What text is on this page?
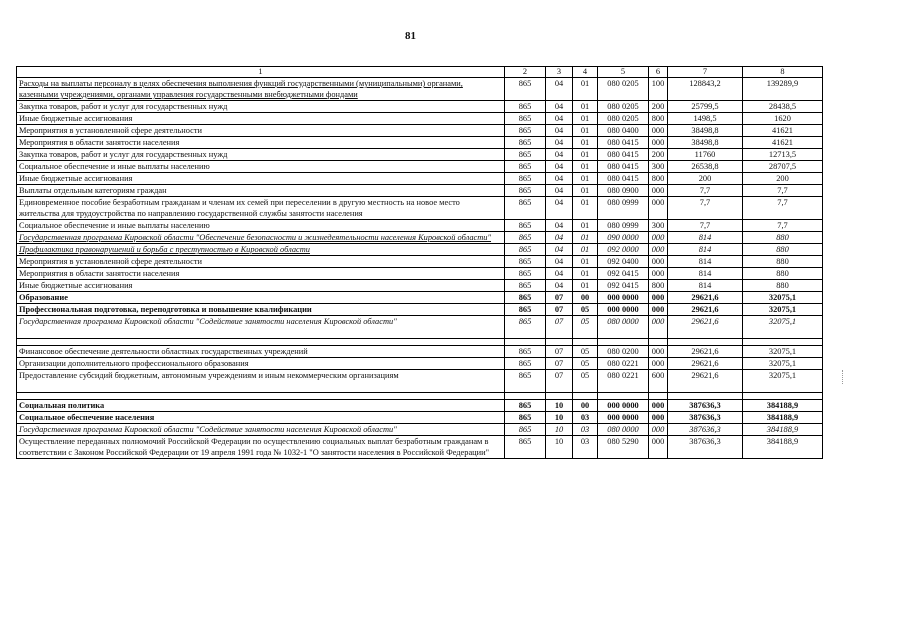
81
1	2	3	4	5	6	7	8
Расходы на выплаты персоналу в целях обеспечения выполнения функций государственными (муниципальными) органами, казенными учреждениями, органами управления государственными внебюджетными фондами	865	04	01	080 0205	100	128843,2	139289,9
Закупка товаров, работ и услуг для государственных нужд	865	04	01	080 0205	200	25799,5	28438,5
Иные бюджетные ассигнования	865	04	01	080 0205	800	1498,5	1620
Мероприятия в установленной сфере деятельности	865	04	01	080 0400	000	38498,8	41621
Мероприятия в области занятости населения	865	04	01	080 0415	000	38498,8	41621
Закупка товаров, работ и услуг для государственных нужд	865	04	01	080 0415	200	11760	12713,5
Социальное обеспечение и иные выплаты населению	865	04	01	080 0415	300	26538,8	28707,5
Иные бюджетные ассигнования	865	04	01	080 0415	800	200	200
Выплаты отдельным категориям граждан	865	04	01	080 0900	000	7,7	7,7
Единовременное пособие безработным гражданам и членам их семей при переселении в другую местность на новое место жительства для трудоустройства по направлению государственной службы занятости населения	865	04	01	080 0999	000	7,7	7,7
Социальное обеспечение и иные выплаты населению	865	04	01	080 0999	300	7,7	7,7
Государственная программа Кировской области "Обеспечение безопасности и жизнедеятельности населения Кировской области"	865	04	01	090 0000	000	814	880
Профилактика правонарушений и борьба с преступностью в Кировской области	865	04	01	092 0000	000	814	880
Мероприятия в установленной сфере деятельности	865	04	01	092 0400	000	814	880
Мероприятия в области занятости населения	865	04	01	092 0415	000	814	880
Иные бюджетные ассигнования	865	04	01	092 0415	800	814	880
Образование	865	07	00	000 0000	000	29621,6	32075,1
Профессиональная подготовка, переподготовка и повышение квалификации	865	07	05	000 0000	000	29621,6	32075,1
Государственная программа Кировской области "Содействие занятости населения Кировской области"	865	07	05	080 0000	000	29621,6	32075,1

Финансовое обеспечение деятельности областных государственных учреждений	865	07	05	080 0200	000	29621,6	32075,1
Организации дополнительного профессионального образования	865	07	05	080 0221	000	29621,6	32075,1
Предоставление субсидий бюджетным, автономным учреждениям и иным некоммерческим организациям	865	07	05	080 0221	600	29621,6	32075,1

Социальная политика	865	10	00	000 0000	000	387636,3	384188,9
Социальное обеспечение населения	865	10	03	000 0000	000	387636,3	384188,9
Государственная программа Кировской области "Содействие занятости населения Кировской области"	865	10	03	080 0000	000	387636,3	384188,9
Осуществление переданных полномочий Российской Федерации по осуществлению социальных выплат безработным гражданам в соответствии с Законом Российской Федерации от 19 апреля 1991 года № 1032-1 "О занятости населения в Российской Федерации"	865	10	03	080 5290	000	387636,3	384188,9
